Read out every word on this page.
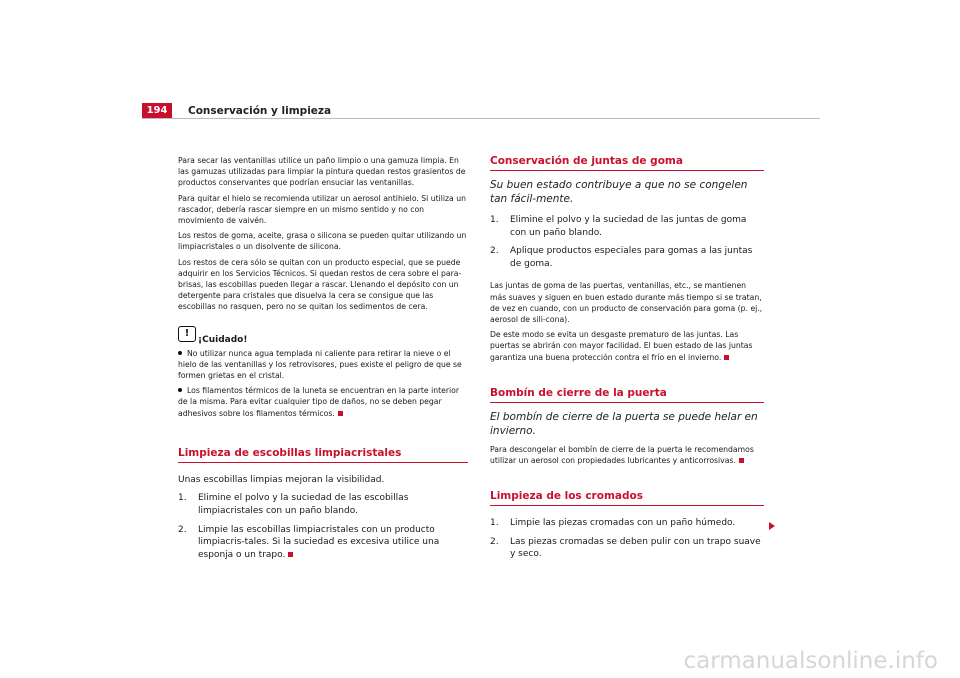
194	Conservación y limpieza

Para secar las ventanillas utilice un paño limpio o una gamuza limpia. En las gamuzas utilizadas para limpiar la pintura quedan restos grasientos de productos conservantes que podrían ensuciar las ventanillas.

Para quitar el hielo se recomienda utilizar un aerosol antihielo. Si utiliza un rascador, debería rascar siempre en un mismo sentido y no con movimiento de vaivén.

Los restos de goma, aceite, grasa o silicona se pueden quitar utilizando un limpiacristales o un disolvente de silicona.

Los restos de cera sólo se quitan con un producto especial, que se puede adquirir en los Servicios Técnicos. Si quedan restos de cera sobre el para-brisas, las escobillas pueden llegar a rascar. Llenando el depósito con un detergente para cristales que disuelva la cera se consigue que las escobillas no rasquen, pero no se quitan los sedimentos de cera.

!
¡Cuidado!

No utilizar nunca agua templada ni caliente para retirar la nieve o el hielo de las ventanillas y los retrovisores, pues existe el peligro de que se formen grietas en el cristal.

Los filamentos térmicos de la luneta se encuentran en la parte interior de la misma. Para evitar cualquier tipo de daños, no se deben pegar adhesivos sobre los filamentos térmicos.

Limpieza de escobillas limpiacristales

Unas escobillas limpias mejoran la visibilidad.

1.	Elimine el polvo y la suciedad de las escobillas limpiacristales con un paño blando.
2.	Limpie las escobillas limpiacristales con un producto limpiacris-tales. Si la suciedad es excesiva utilice una esponja o un trapo.
Conservación de juntas de goma

Su buen estado contribuye a que no se congelen tan fácil-mente.

1.	Elimine el polvo y la suciedad de las juntas de goma con un paño blando.
2.	Aplique productos especiales para gomas a las juntas de goma.

Las juntas de goma de las puertas, ventanillas, etc., se mantienen más suaves y siguen en buen estado durante más tiempo si se tratan, de vez en cuando, con un producto de conservación para goma (p. ej., aerosol de sili-cona).

De este modo se evita un desgaste prematuro de las juntas. Las puertas se abrirán con mayor facilidad. El buen estado de las juntas garantiza una buena protección contra el frío en el invierno.

Bombín de cierre de la puerta

El bombín de cierre de la puerta se puede helar en invierno.

Para descongelar el bombín de cierre de la puerta le recomendamos utilizar un aerosol con propiedades lubricantes y anticorrosivas.

Limpieza de los cromados
1.	Limpie las piezas cromadas con un paño húmedo.
2.	Las piezas cromadas se deben pulir con un trapo suave y seco.
carmanualsonline.info
